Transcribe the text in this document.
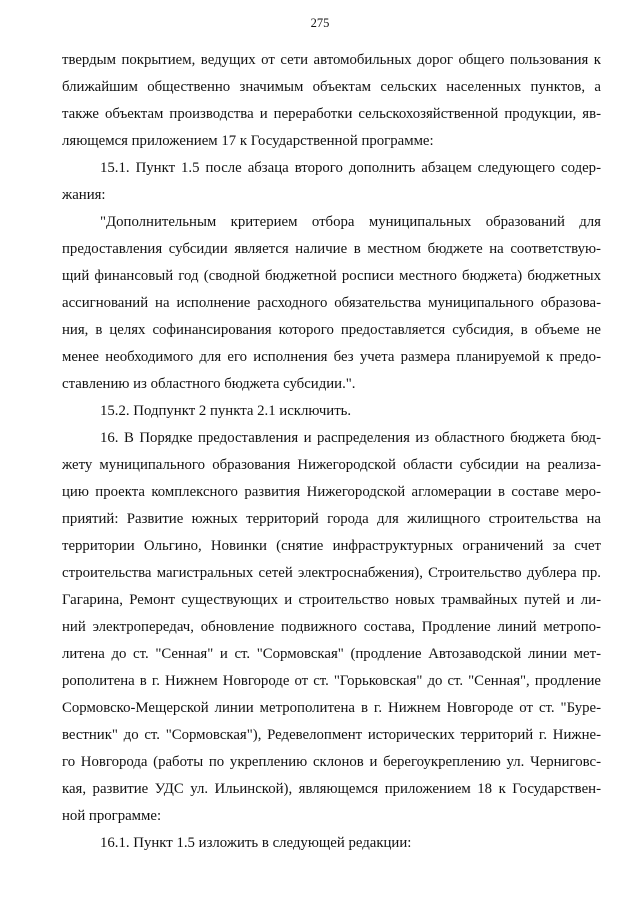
275
твердым покрытием, ведущих от сети автомобильных дорог общего пользования к
ближайшим общественно значимым объектам сельских населенных пунктов, а
также объектам производства и переработки сельскохозяйственной продукции, яв-
ляющемся приложением 17 к Государственной программе:
15.1. Пункт 1.5 после абзаца второго дополнить абзацем следующего содер-
жания:
"Дополнительным критерием отбора муниципальных образований для
предоставления субсидии является наличие в местном бюджете на соответствую-
щий финансовый год (сводной бюджетной росписи местного бюджета) бюджетных
ассигнований на исполнение расходного обязательства муниципального образова-
ния, в целях софинансирования которого предоставляется субсидия, в объеме не
менее необходимого для его исполнения без учета размера планируемой к предо-
ставлению из областного бюджета субсидии.".
15.2. Подпункт 2 пункта 2.1 исключить.
16. В Порядке предоставления и распределения из областного бюджета бюд-
жету муниципального образования Нижегородской области субсидии на реализа-
цию проекта комплексного развития Нижегородской агломерации в составе меро-
приятий: Развитие южных территорий города для жилищного строительства на
территории Ольгино, Новинки (снятие инфраструктурных ограничений за счет
строительства магистральных сетей электроснабжения), Строительство дублера пр.
Гагарина, Ремонт существующих и строительство новых трамвайных путей и ли-
ний электропередач, обновление подвижного состава, Продление линий метропо-
литена до ст. "Сенная" и ст. "Сормовская" (продление Автозаводской линии мет-
рополитена в г. Нижнем Новгороде от ст. "Горьковская" до ст. "Сенная", продление
Сормовско-Мещерской линии метрополитена в г. Нижнем Новгороде от ст. "Буре-
вестник" до ст. "Сормовская"), Редевелопмент исторических территорий г. Нижне-
го Новгорода (работы по укреплению склонов и берегоукреплению ул. Черниговс-
кая, развитие УДС ул. Ильинской), являющемся приложением 18 к Государствен-
ной программе:
16.1. Пункт 1.5 изложить в следующей редакции:
